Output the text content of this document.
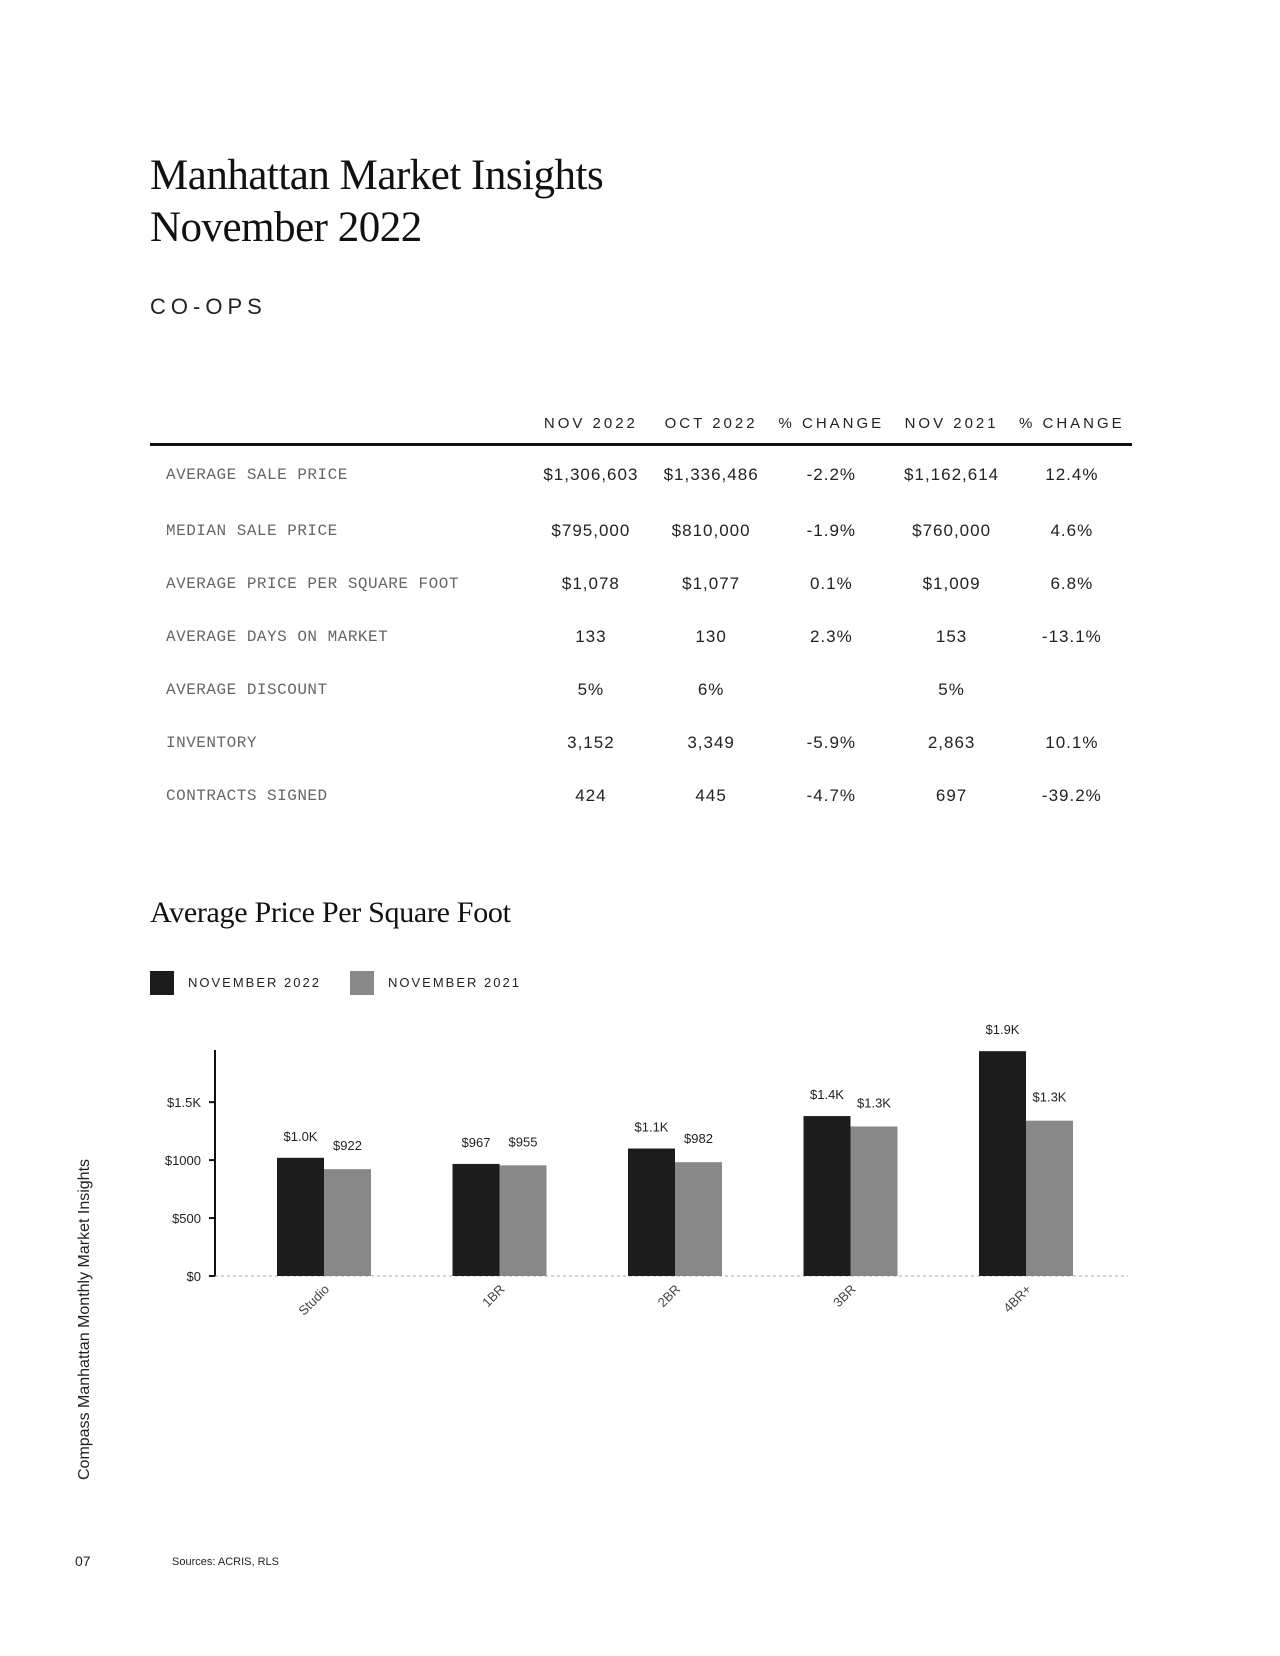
Manhattan Market Insights
November 2022
CO-OPS
	NOV 2022	OCT 2022	% CHANGE	NOV 2021	% CHANGE
AVERAGE SALE PRICE	$1,306,603	$1,336,486	-2.2%	$1,162,614	12.4%
MEDIAN SALE PRICE	$795,000	$810,000	-1.9%	$760,000	4.6%
AVERAGE PRICE PER SQUARE FOOT	$1,078	$1,077	0.1%	$1,009	6.8%
AVERAGE DAYS ON MARKET	133	130	2.3%	153	-13.1%
AVERAGE DISCOUNT	5%	6%		5%	
INVENTORY	3,152	3,349	-5.9%	2,863	10.1%
CONTRACTS SIGNED	424	445	-4.7%	697	-39.2%
Average Price Per Square Foot
NOVEMBER 2022	NOVEMBER 2021
$0
$500
$1000
$1.5K
$1.0K
$922
Studio
$967 $955
1BR
$1.1K
$982
2BR
$1.4K
$1.3K
3BR
$1.9K
$1.3K
4BR+
Compass Manhattan Monthly Market Insights
07	Sources: ACRIS, RLS
